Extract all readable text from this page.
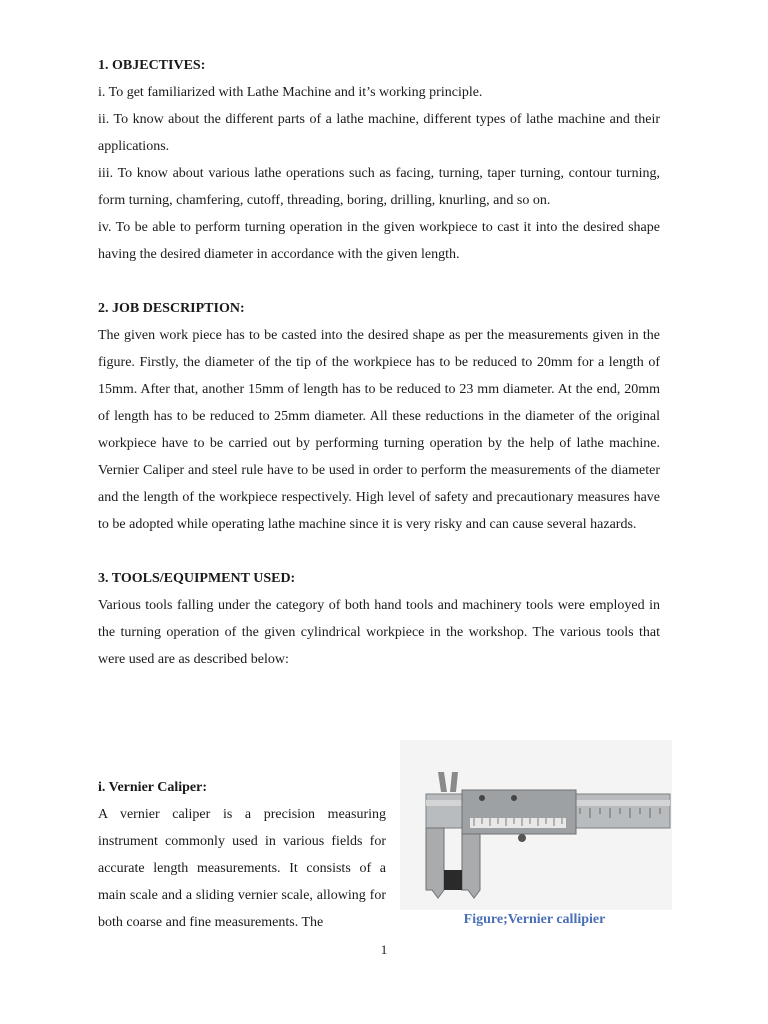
1. OBJECTIVES:

i. To get familiarized with Lathe Machine and it’s working principle.

ii. To know about the different parts of a lathe machine, different types of lathe machine and their applications.

iii. To know about various lathe operations such as facing, turning, taper turning, contour turning, form turning, chamfering, cutoff, threading, boring, drilling, knurling, and so on.

iv. To be able to perform turning operation in the given workpiece to cast it into the desired shape having the desired diameter in accordance with the given length.

2. JOB DESCRIPTION:

The given work piece has to be casted into the desired shape as per the measurements given in the figure. Firstly, the diameter of the tip of the workpiece has to be reduced to 20mm for a length of 15mm. After that, another 15mm of length has to be reduced to 23 mm diameter. At the end, 20mm of length has to be reduced to 25mm diameter. All these reductions in the diameter of the original workpiece have to be carried out by performing turning operation by the help of lathe machine. Vernier Caliper and steel rule have to be used in order to perform the measurements of the diameter and the length of the workpiece respectively. High level of safety and precautionary measures have to be adopted while operating lathe machine since it is very risky and can cause several hazards.

3. TOOLS/EQUIPMENT USED:

Various tools falling under the category of both hand tools and machinery tools were employed in the turning operation of the given cylindrical workpiece in the workshop. The various tools that were used are as described below:

i. Vernier Caliper:

A vernier caliper is a precision measuring instrument commonly used in various fields for accurate length measurements. It consists of a main scale and a sliding vernier scale, allowing for both coarse and fine measurements. The	Figure;Vernier callipier
1
